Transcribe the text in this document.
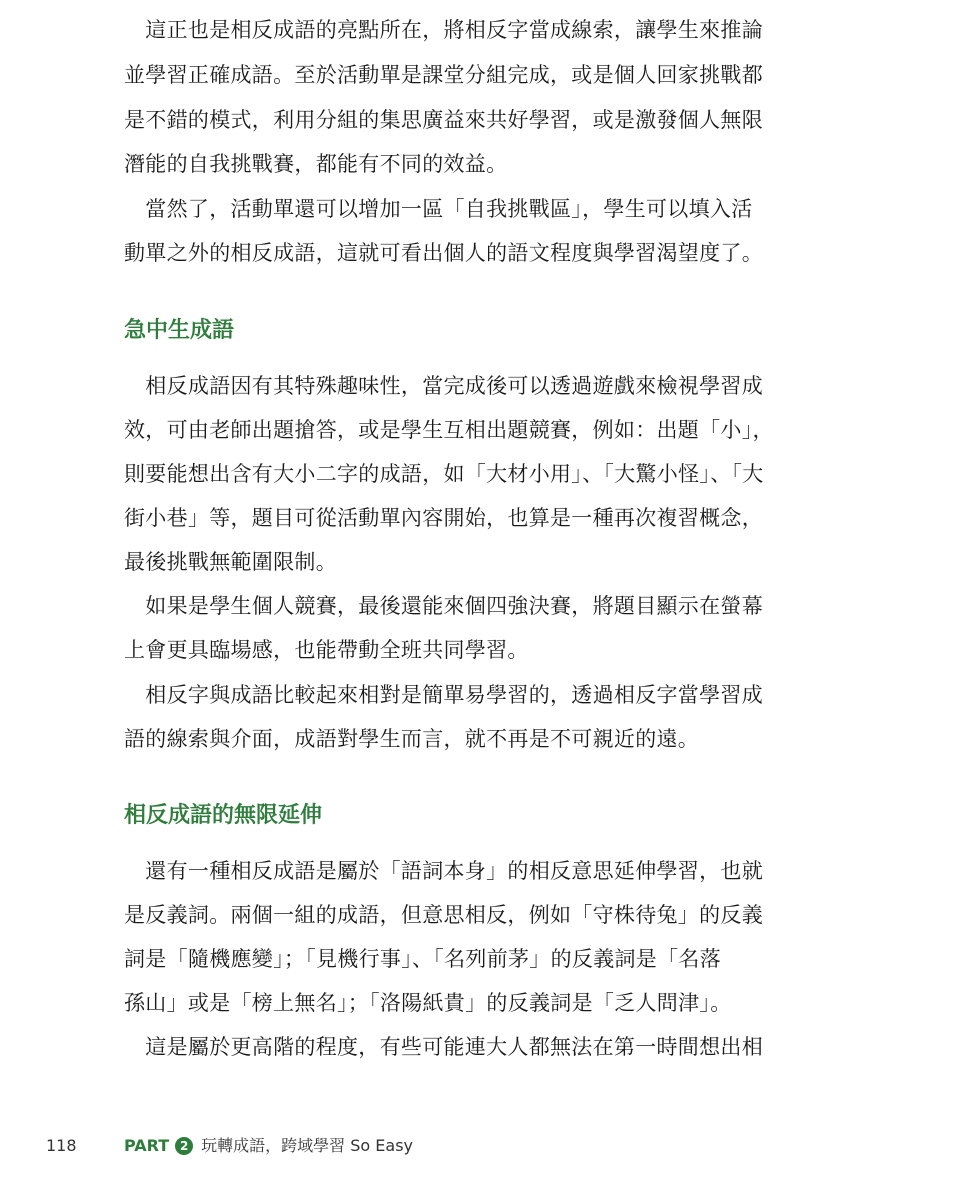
　這正也是相反成語的亮點所在，將相反字當成線索，讓學生來推論
並學習正確成語。至於活動單是課堂分組完成，或是個人回家挑戰都
是不錯的模式，利用分組的集思廣益來共好學習，或是激發個人無限
潛能的自我挑戰賽，都能有不同的效益。
　當然了，活動單還可以增加一區「自我挑戰區」，學生可以填入活
動單之外的相反成語，這就可看出個人的語文程度與學習渴望度了。
急中生成語
　相反成語因有其特殊趣味性，當完成後可以透過遊戲來檢視學習成
效，可由老師出題搶答，或是學生互相出題競賽，例如：出題「小」，
則要能想出含有大小二字的成語，如「大材小用」、「大驚小怪」、「大
街小巷」等，題目可從活動單內容開始，也算是一種再次複習概念，
最後挑戰無範圍限制。
　如果是學生個人競賽，最後還能來個四強決賽，將題目顯示在螢幕
上會更具臨場感，也能帶動全班共同學習。
　相反字與成語比較起來相對是簡單易學習的，透過相反字當學習成
語的線索與介面，成語對學生而言，就不再是不可親近的遠。
相反成語的無限延伸
　還有一種相反成語是屬於「語詞本身」的相反意思延伸學習，也就
是反義詞。兩個一組的成語，但意思相反，例如「守株待兔」的反義
詞是「隨機應變」；「見機行事」、「名列前茅」的反義詞是「名落
孫山」或是「榜上無名」；「洛陽紙貴」的反義詞是「乏人問津」。
　這是屬於更高階的程度，有些可能連大人都無法在第一時間想出相
118	PART 2 玩轉成語，跨域學習 So Easy
